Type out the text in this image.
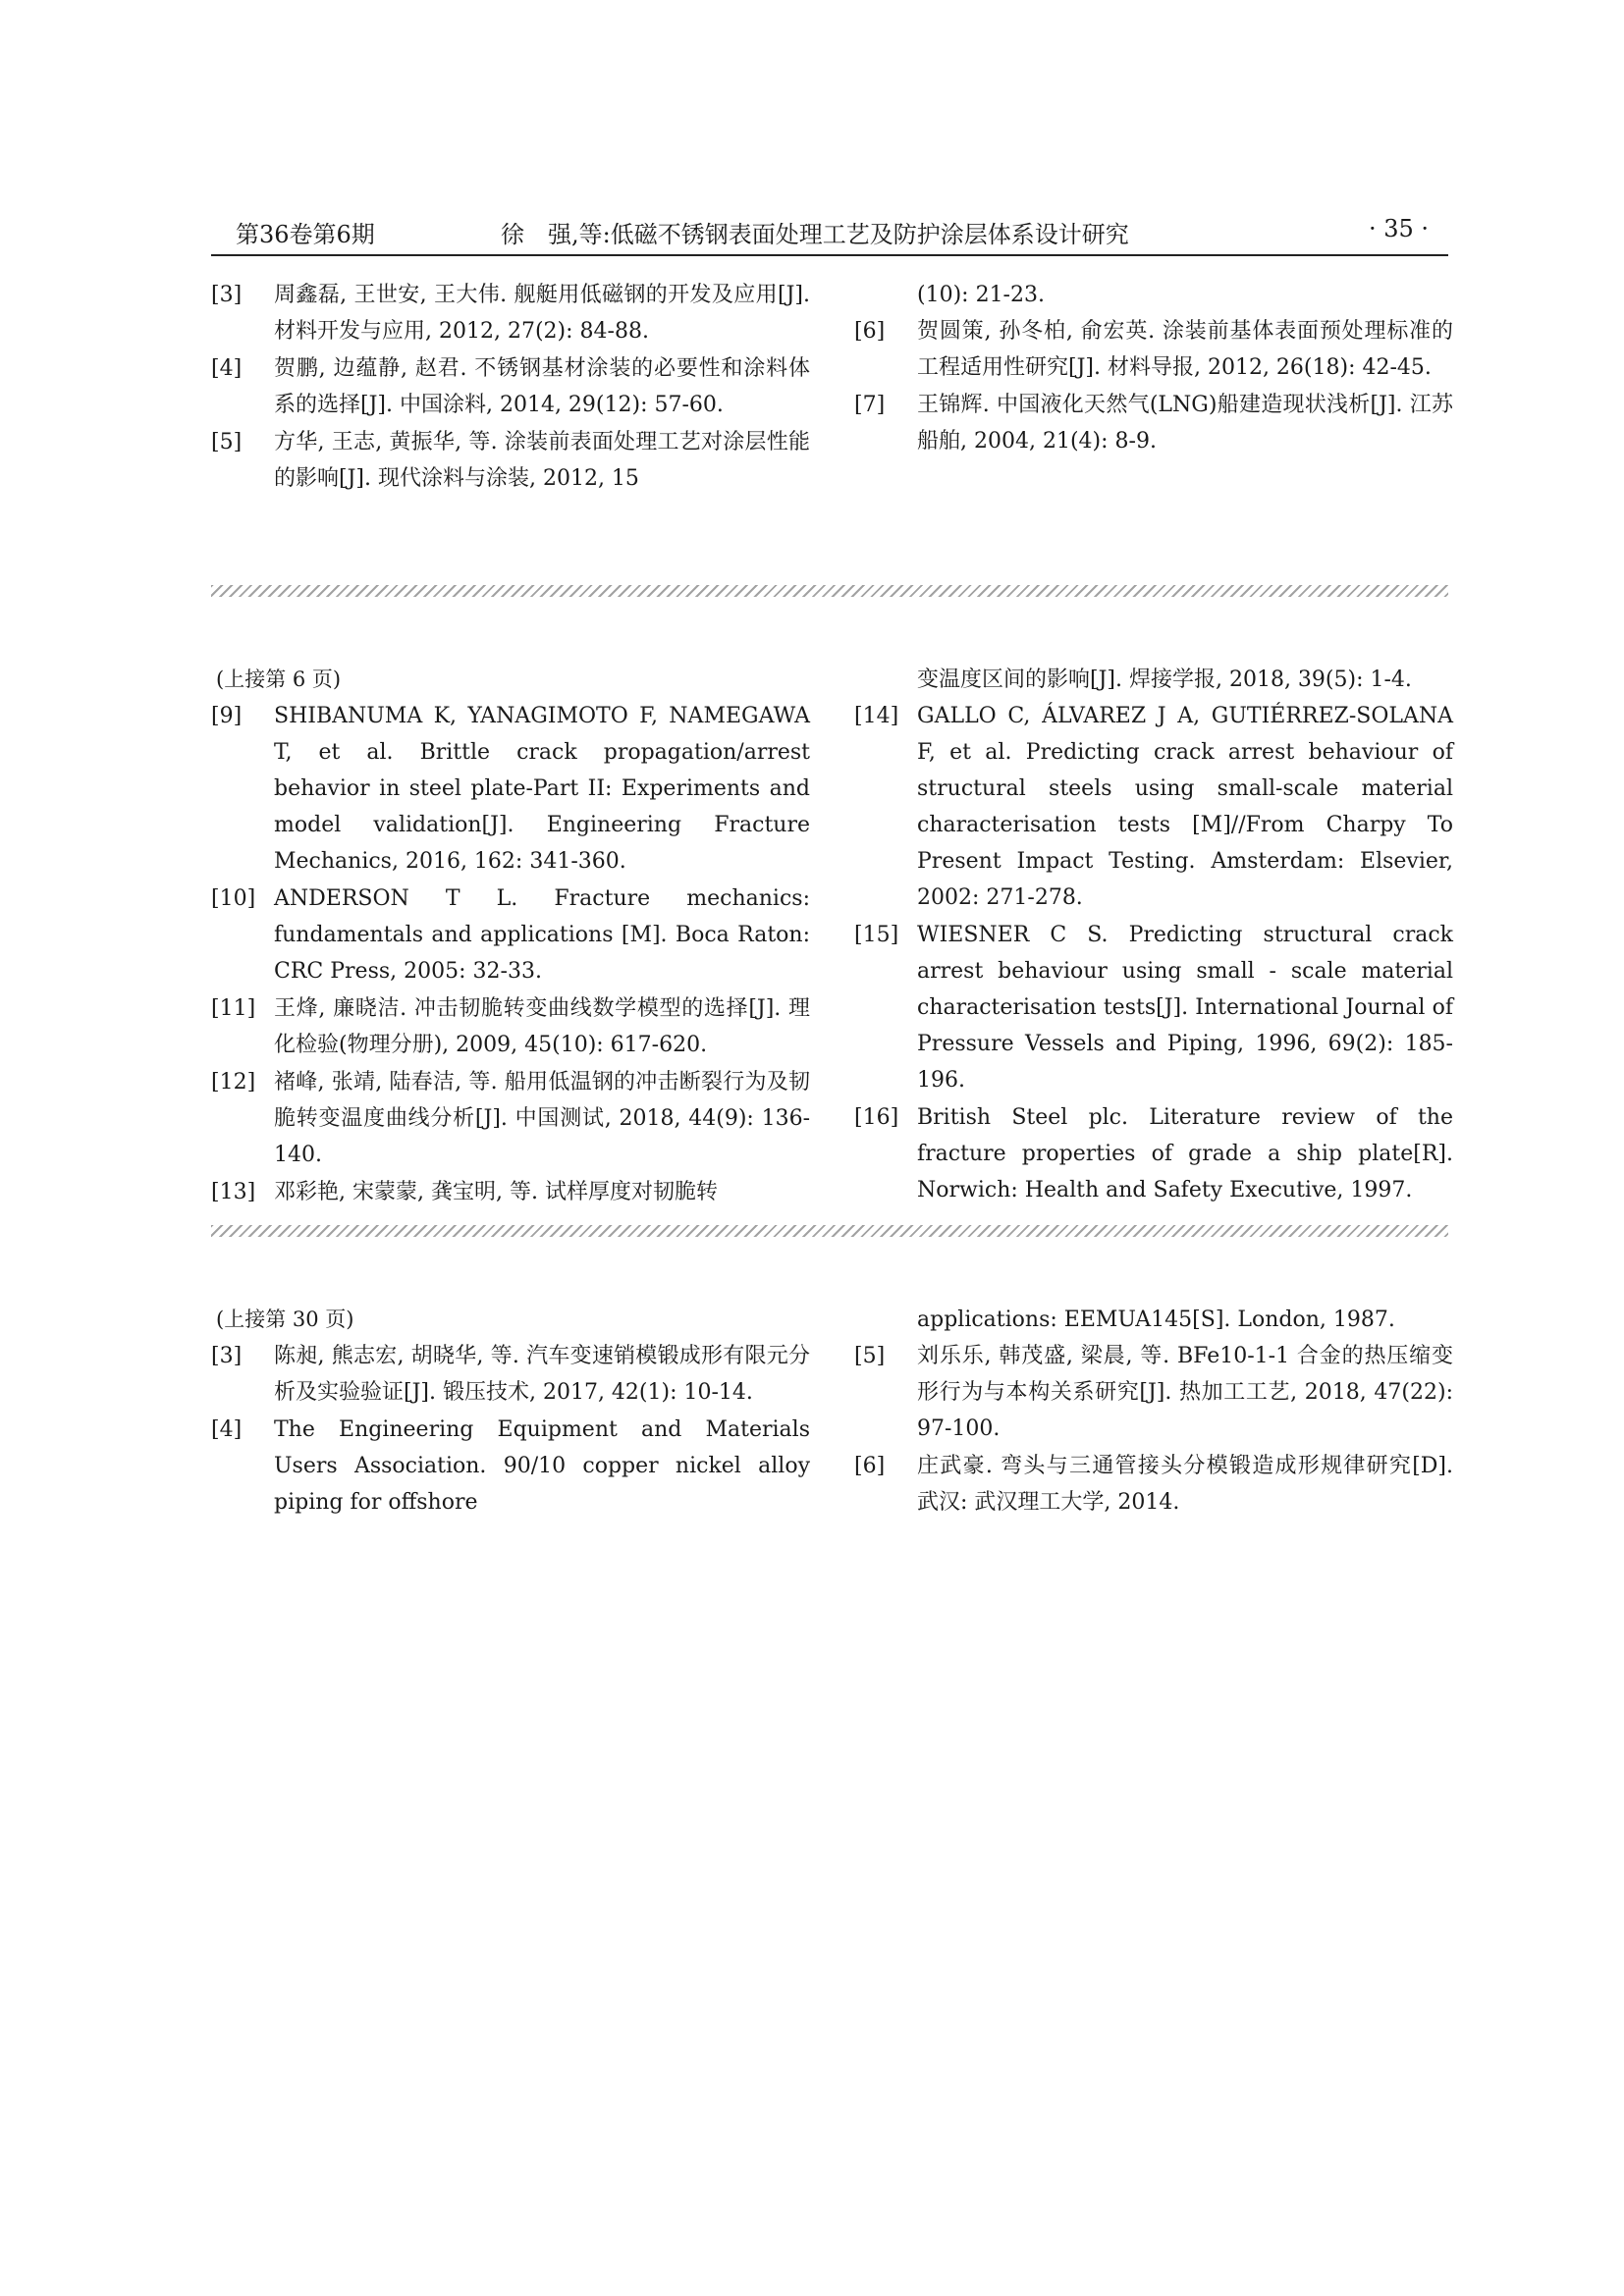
第36卷第6期	徐　强,等:低磁不锈钢表面处理工艺及防护涂层体系设计研究	· 35 ·
[3]	周鑫磊, 王世安, 王大伟. 舰艇用低磁钢的开发及应用[J]. 材料开发与应用, 2012, 27(2): 84-88.
[4]	贺鹏, 边蕴静, 赵君. 不锈钢基材涂装的必要性和涂料体系的选择[J]. 中国涂料, 2014, 29(12): 57-60.
[5]	方华, 王志, 黄振华, 等. 涂装前表面处理工艺对涂层性能的影响[J]. 现代涂料与涂装, 2012, 15
(10): 21-23.
[6]	贺圆策, 孙冬柏, 俞宏英. 涂装前基体表面预处理标准的工程适用性研究[J]. 材料导报, 2012, 26(18): 42-45.
[7]	王锦辉. 中国液化天然气(LNG)船建造现状浅析[J]. 江苏船舶, 2004, 21(4): 8-9.
(上接第 6 页)
[9]	SHIBANUMA K, YANAGIMOTO F, NAMEGAWA T, et al. Brittle crack propagation/arrest behavior in steel plate-Part II: Experiments and model validation[J]. Engineering Fracture Mechanics, 2016, 162: 341-360.
[10] ANDERSON T L. Fracture mechanics: fundamentals and applications [M]. Boca Raton: CRC Press, 2005: 32-33.
[11] 王烽, 廉晓洁. 冲击韧脆转变曲线数学模型的选择[J]. 理化检验(物理分册), 2009, 45(10): 617-620.
[12] 褚峰, 张靖, 陆春洁, 等. 船用低温钢的冲击断裂行为及韧脆转变温度曲线分析[J]. 中国测试, 2018, 44(9): 136-140.
[13] 邓彩艳, 宋蒙蒙, 龚宝明, 等. 试样厚度对韧脆转
变温度区间的影响[J]. 焊接学报, 2018, 39(5): 1-4.
[14] GALLO C, ÁLVAREZ J A, GUTIÉRREZ-SOLANA F, et al. Predicting crack arrest behaviour of structural steels using small-scale material characterisation tests [M]//From Charpy To Present Impact Testing. Amsterdam: Elsevier, 2002: 271-278.
[15] WIESNER C S. Predicting structural crack arrest behaviour using small - scale material characterisation tests[J]. International Journal of Pressure Vessels and Piping, 1996, 69(2): 185-196.
[16] British Steel plc. Literature review of the fracture properties of grade a ship plate[R]. Norwich: Health and Safety Executive, 1997.
(上接第 30 页)
[3]	陈昶, 熊志宏, 胡晓华, 等. 汽车变速销模锻成形有限元分析及实验验证[J]. 锻压技术, 2017, 42(1): 10-14.
[4]	The Engineering Equipment and Materials Users Association. 90/10 copper nickel alloy piping for offshore
applications: EEMUA145[S]. London, 1987.
[5]	刘乐乐, 韩茂盛, 梁晨, 等. BFe10-1-1 合金的热压缩变形行为与本构关系研究[J]. 热加工工艺, 2018, 47(22): 97-100.
[6]	庄武豪. 弯头与三通管接头分模锻造成形规律研究[D]. 武汉: 武汉理工大学, 2014.
